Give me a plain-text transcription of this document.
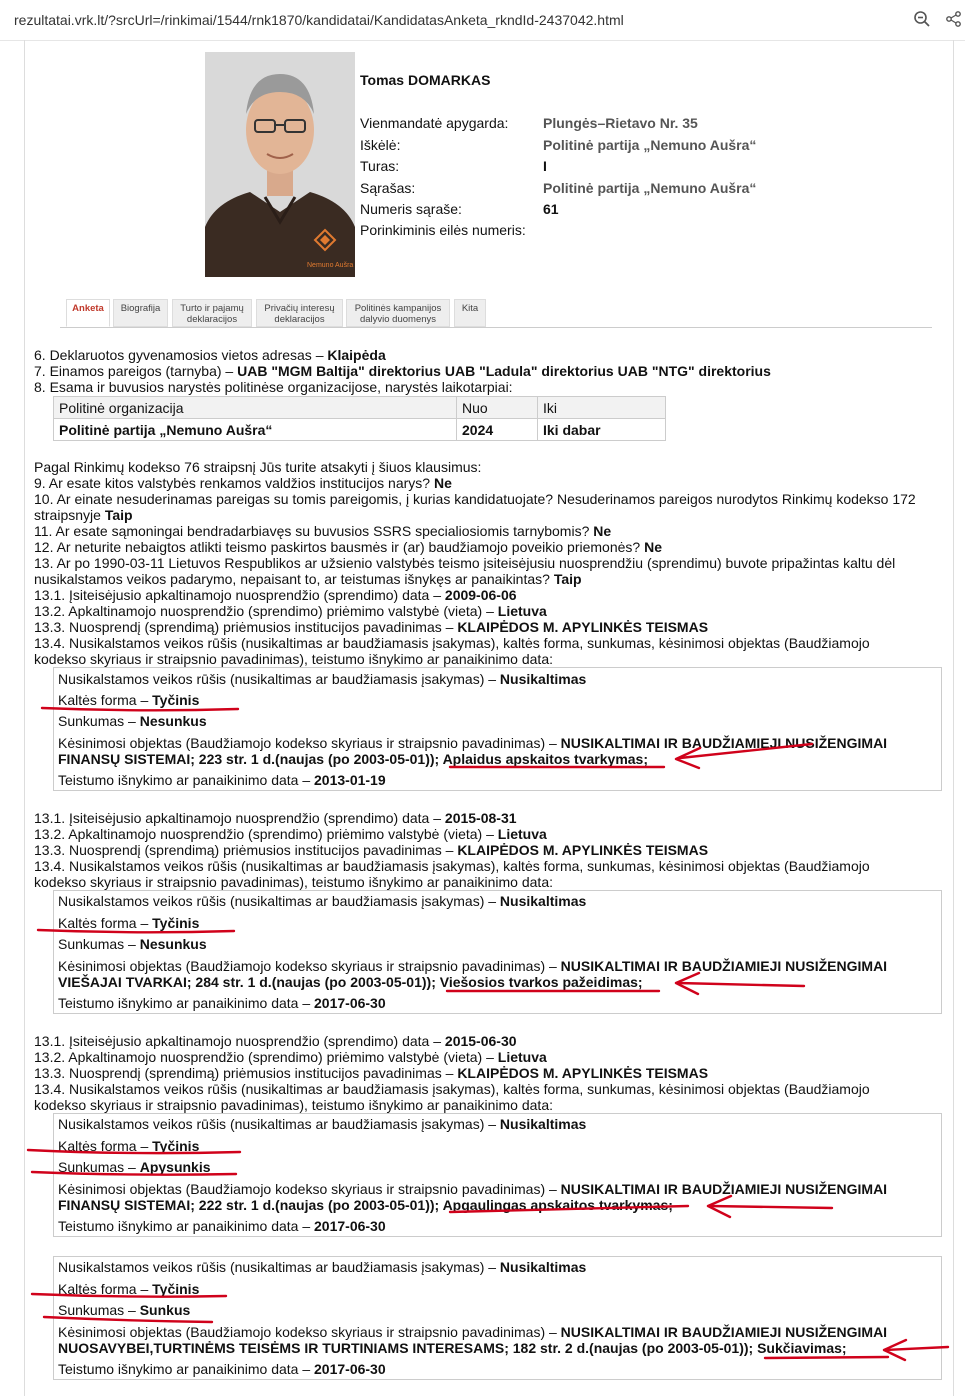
rezultatai.vrk.lt/?srcUrl=/rinkimai/1544/rnk1870/kandidatai/KandidatasAnketa_rkndId-2437042.html
Nemuno Aušra
Tomas DOMARKAS
Vienmandatė apygarda: Plungės–Rietavo Nr. 35
Iškėlė:	Politinė partija „Nemuno Aušra“
Turas:	I
Sąrašas:	Politinė partija „Nemuno Aušra“
Numeris sąraše:	61
Porinkiminis eilės numeris:
Anketa	Biografija	Turto ir pajamų
deklaracijos
Privačių interesų
deklaracijos
Politinės kampanijos
dalyvio duomenys
Kita
6. Deklaruotos gyvenamosios vietos adresas – Klaipėda
7. Einamos pareigos (tarnyba) – UAB "MGM Baltija" direktorius UAB "Ladula" direktorius UAB "NTG" direktorius
8. Esama ir buvusios narystės politinėse organizacijose, narystės laikotarpiai:
Politinė organizacija	Nuo	Iki
Politinė partija „Nemuno Aušra“	2024	Iki dabar
Pagal Rinkimų kodekso 76 straipsnį Jūs turite atsakyti į šiuos klausimus:
9. Ar esate kitos valstybės renkamos valdžios institucijos narys? Ne
10. Ar einate nesuderinamas pareigas su tomis pareigomis, į kurias kandidatuojate? Nesuderinamos pareigos nurodytos Rinkimų kodekso 172
straipsnyje Taip
11. Ar esate sąmoningai bendradarbiavęs su buvusios SSRS specialiosiomis tarnybomis? Ne
12. Ar neturite nebaigtos atlikti teismo paskirtos bausmės ir (ar) baudžiamojo poveikio priemonės? Ne
13. Ar po 1990-03-11 Lietuvos Respublikos ar užsienio valstybės teismo įsiteisėjusiu nuosprendžiu (sprendimu) buvote pripažintas kaltu dėl
nusikalstamos veikos padarymo, nepaisant to, ar teistumas išnykęs ar panaikintas? Taip
13.1. Įsiteisėjusio apkaltinamojo nuosprendžio (sprendimo) data – 2009-06-06
13.2. Apkaltinamojo nuosprendžio (sprendimo) priėmimo valstybė (vieta) – Lietuva
13.3. Nuosprendį (sprendimą) priėmusios institucijos pavadinimas – KLAIPĖDOS M. APYLINKĖS TEISMAS
13.4. Nusikalstamos veikos rūšis (nusikaltimas ar baudžiamasis įsakymas), kaltės forma, sunkumas, kėsinimosi objektas (Baudžiamojo
kodekso skyriaus ir straipsnio pavadinimas), teistumo išnykimo ar panaikinimo data:
Nusikalstamos veikos rūšis (nusikaltimas ar baudžiamasis įsakymas) – Nusikaltimas
Kaltės forma – Tyčinis
Sunkumas – Nesunkus
Kėsinimosi objektas (Baudžiamojo kodekso skyriaus ir straipsnio pavadinimas) – NUSIKALTIMAI IR BAUDŽIAMIEJI NUSIŽENGIMAI
FINANSŲ SISTEMAI; 223 str. 1 d.(naujas (po 2003-05-01)); Aplaidus apskaitos tvarkymas;
Teistumo išnykimo ar panaikinimo data – 2013-01-19
13.1. Įsiteisėjusio apkaltinamojo nuosprendžio (sprendimo) data – 2015-08-31
13.2. Apkaltinamojo nuosprendžio (sprendimo) priėmimo valstybė (vieta) – Lietuva
13.3. Nuosprendį (sprendimą) priėmusios institucijos pavadinimas – KLAIPĖDOS M. APYLINKĖS TEISMAS
13.4. Nusikalstamos veikos rūšis (nusikaltimas ar baudžiamasis įsakymas), kaltės forma, sunkumas, kėsinimosi objektas (Baudžiamojo
kodekso skyriaus ir straipsnio pavadinimas), teistumo išnykimo ar panaikinimo data:
Nusikalstamos veikos rūšis (nusikaltimas ar baudžiamasis įsakymas) – Nusikaltimas
Kaltės forma – Tyčinis
Sunkumas – Nesunkus
Kėsinimosi objektas (Baudžiamojo kodekso skyriaus ir straipsnio pavadinimas) – NUSIKALTIMAI IR BAUDŽIAMIEJI NUSIŽENGIMAI
VIEŠAJAI TVARKAI; 284 str. 1 d.(naujas (po 2003-05-01)); Viešosios tvarkos pažeidimas;
Teistumo išnykimo ar panaikinimo data – 2017-06-30
13.1. Įsiteisėjusio apkaltinamojo nuosprendžio (sprendimo) data – 2015-06-30
13.2. Apkaltinamojo nuosprendžio (sprendimo) priėmimo valstybė (vieta) – Lietuva
13.3. Nuosprendį (sprendimą) priėmusios institucijos pavadinimas – KLAIPĖDOS M. APYLINKĖS TEISMAS
13.4. Nusikalstamos veikos rūšis (nusikaltimas ar baudžiamasis įsakymas), kaltės forma, sunkumas, kėsinimosi objektas (Baudžiamojo
kodekso skyriaus ir straipsnio pavadinimas), teistumo išnykimo ar panaikinimo data:
Nusikalstamos veikos rūšis (nusikaltimas ar baudžiamasis įsakymas) – Nusikaltimas
Kaltės forma – Tyčinis
Sunkumas – Apysunkis
Kėsinimosi objektas (Baudžiamojo kodekso skyriaus ir straipsnio pavadinimas) – NUSIKALTIMAI IR BAUDŽIAMIEJI NUSIŽENGIMAI
FINANSŲ SISTEMAI; 222 str. 1 d.(naujas (po 2003-05-01)); Apgaulingas apskaitos tvarkymas;
Teistumo išnykimo ar panaikinimo data – 2017-06-30
Nusikalstamos veikos rūšis (nusikaltimas ar baudžiamasis įsakymas) – Nusikaltimas
Kaltės forma – Tyčinis
Sunkumas – Sunkus
Kėsinimosi objektas (Baudžiamojo kodekso skyriaus ir straipsnio pavadinimas) – NUSIKALTIMAI IR BAUDŽIAMIEJI NUSIŽENGIMAI
NUOSAVYBEI,TURTINĖMS TEISĖMS IR TURTINIAMS INTERESAMS; 182 str. 2 d.(naujas (po 2003-05-01)); Sukčiavimas;
Teistumo išnykimo ar panaikinimo data – 2017-06-30
